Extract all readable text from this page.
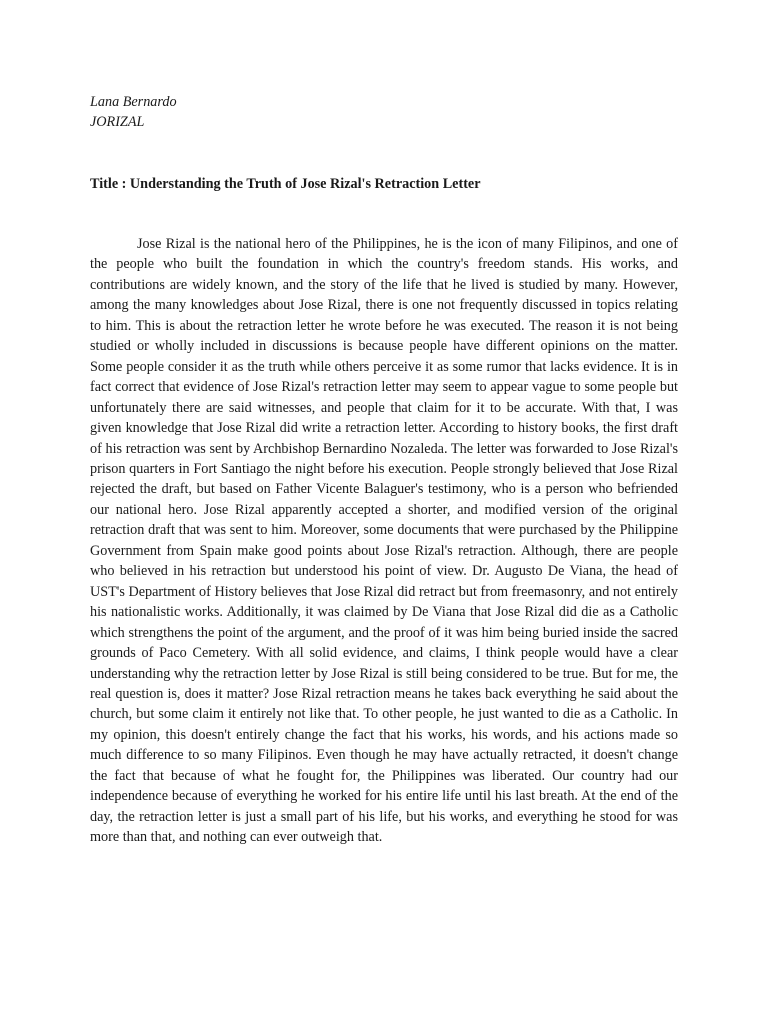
Lana Bernardo
JORIZAL
Title : Understanding the Truth of Jose Rizal's Retraction Letter

Jose Rizal is the national hero of the Philippines, he is the icon of many Filipinos, and one of the people who built the foundation in which the country's freedom stands. His works, and contributions are widely known, and the story of the life that he lived is studied by many. However, among the many knowledges about Jose Rizal, there is one not frequently discussed in topics relating to him. This is about the retraction letter he wrote before he was executed. The reason it is not being studied or wholly included in discussions is because people have different opinions on the matter. Some people consider it as the truth while others perceive it as some rumor that lacks evidence. It is in fact correct that evidence of Jose Rizal's retraction letter may seem to appear vague to some people but unfortunately there are said witnesses, and people that claim for it to be accurate. With that, I was given knowledge that Jose Rizal did write a retraction letter. According to history books, the first draft of his retraction was sent by Archbishop Bernardino Nozaleda. The letter was forwarded to Jose Rizal's prison quarters in Fort Santiago the night before his execution. People strongly believed that Jose Rizal rejected the draft, but based on Father Vicente Balaguer's testimony, who is a person who befriended our national hero. Jose Rizal apparently accepted a shorter, and modified version of the original retraction draft that was sent to him. Moreover, some documents that were purchased by the Philippine Government from Spain make good points about Jose Rizal's retraction. Although, there are people who believed in his retraction but understood his point of view. Dr. Augusto De Viana, the head of UST's Department of History believes that Jose Rizal did retract but from freemasonry, and not entirely his nationalistic works. Additionally, it was claimed by De Viana that Jose Rizal did die as a Catholic which strengthens the point of the argument, and the proof of it was him being buried inside the sacred grounds of Paco Cemetery. With all solid evidence, and claims, I think people would have a clear understanding why the retraction letter by Jose Rizal is still being considered to be true. But for me, the real question is, does it matter? Jose Rizal retraction means he takes back everything he said about the church, but some claim it entirely not like that. To other people, he just wanted to die as a Catholic. In my opinion, this doesn't entirely change the fact that his works, his words, and his actions made so much difference to so many Filipinos. Even though he may have actually retracted, it doesn't change the fact that because of what he fought for, the Philippines was liberated. Our country had our independence because of everything he worked for his entire life until his last breath. At the end of the day, the retraction letter is just a small part of his life, but his works, and everything he stood for was more than that, and nothing can ever outweigh that.
